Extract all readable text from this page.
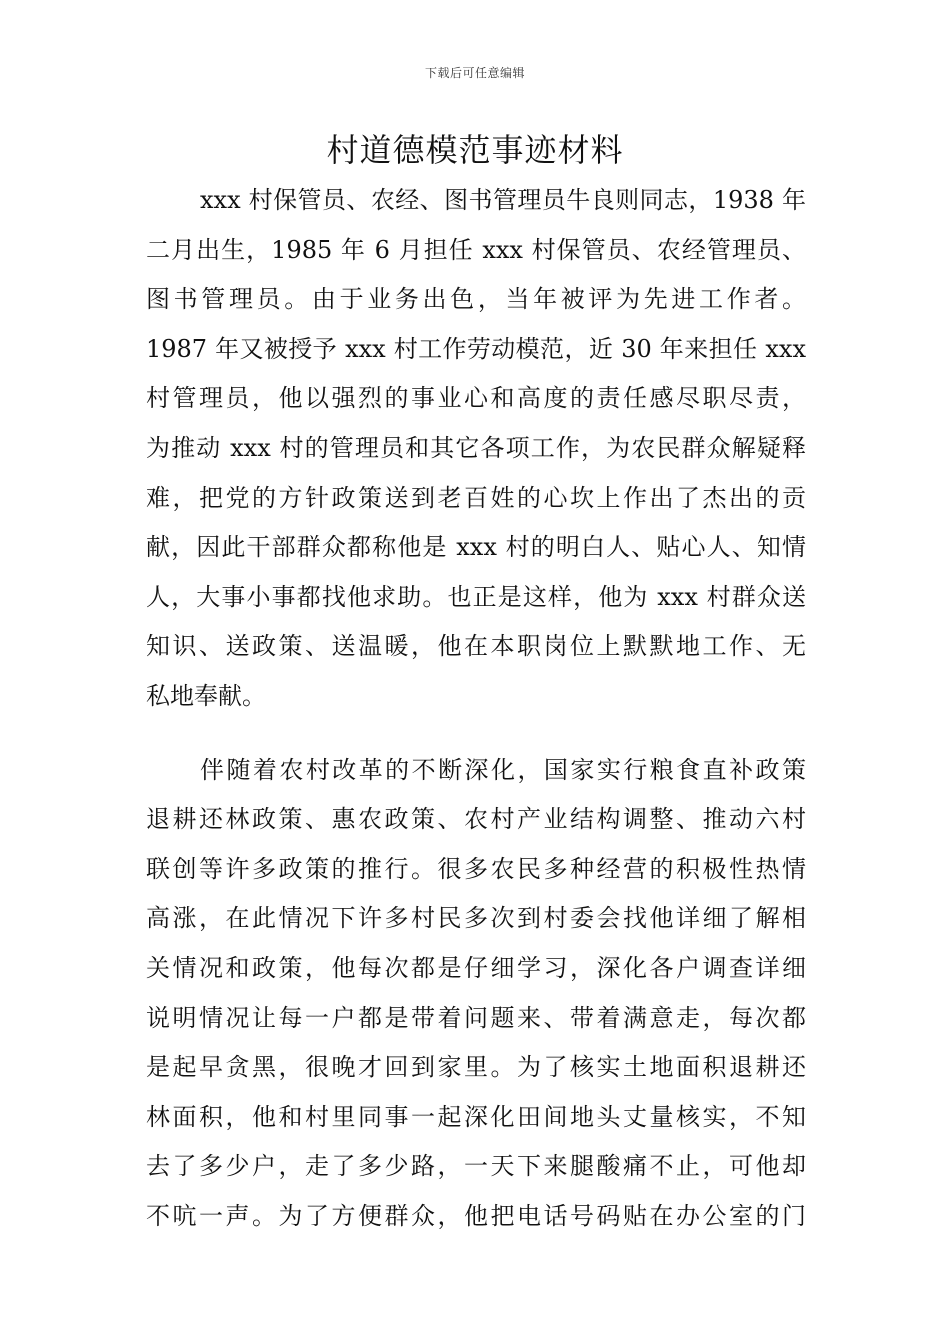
下载后可任意编辑
村道德模范事迹材料
xxx 村保管员、农经、图书管理员牛良则同志，1938 年
二月出生，1985 年 6 月担任 xxx 村保管员、农经管理员、
图书管理员。由于业务出色，当年被评为先进工作者。
1987 年又被授予 xxx 村工作劳动模范，近 30 年来担任 xxx
村管理员，他以强烈的事业心和高度的责任感尽职尽责，
为推动 xxx 村的管理员和其它各项工作，为农民群众解疑释
难，把党的方针政策送到老百姓的心坎上作出了杰出的贡
献，因此干部群众都称他是 xxx 村的明白人、贴心人、知情
人，大事小事都找他求助。也正是这样，他为 xxx 村群众送
知识、送政策、送温暖，他在本职岗位上默默地工作、无
私地奉献。
伴随着农村改革的不断深化，国家实行粮食直补政策
退耕还林政策、惠农政策、农村产业结构调整、推动六村
联创等许多政策的推行。很多农民多种经营的积极性热情
高涨，在此情况下许多村民多次到村委会找他详细了解相
关情况和政策，他每次都是仔细学习，深化各户调查详细
说明情况让每一户都是带着问题来、带着满意走，每次都
是起早贪黑，很晚才回到家里。为了核实土地面积退耕还
林面积，他和村里同事一起深化田间地头丈量核实，不知
去了多少户，走了多少路，一天下来腿酸痛不止，可他却
不吭一声。为了方便群众，他把电话号码贴在办公室的门
